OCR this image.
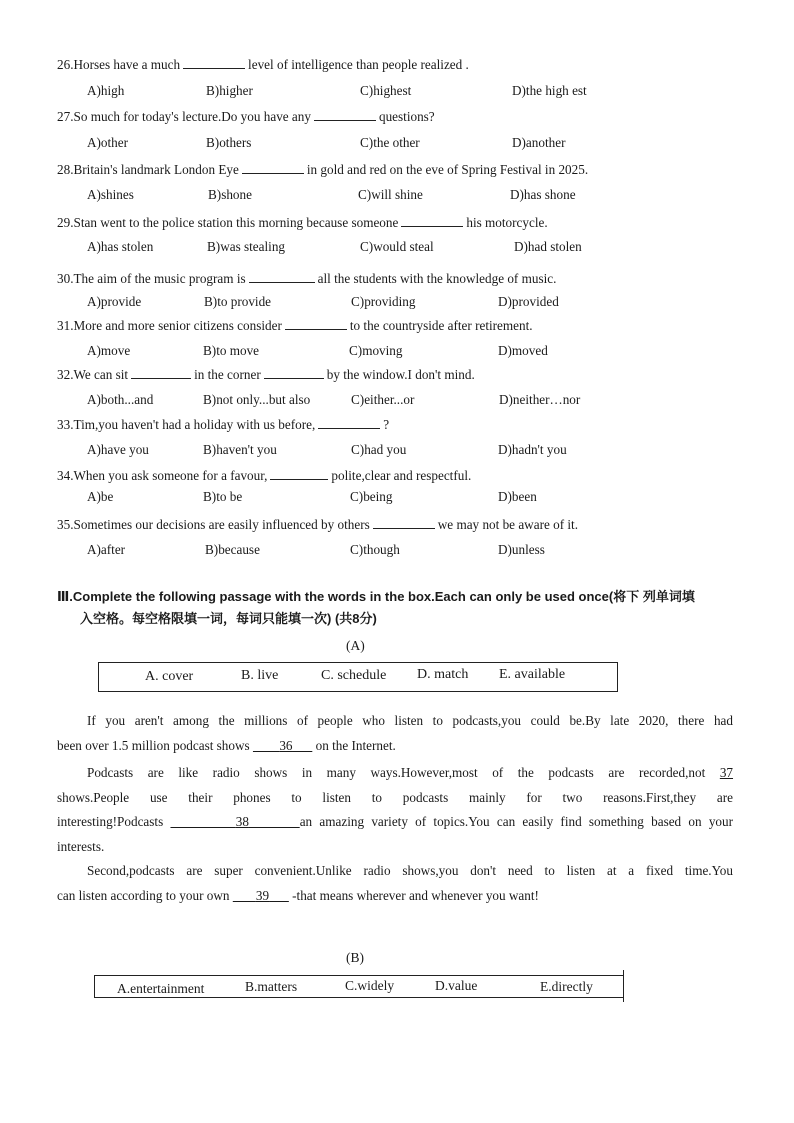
26.Horses have a much	level of intelligence than people realized .
A)high	B)higher	C)highest	D)the high est
27.So much for today's lecture.Do you have any	questions?
A)other	B)others	C)the other	D)another
28.Britain's landmark London Eye	in gold and red on the eve of Spring Festival in 2025.
A)shines	B)shone	C)will shine	D)has shone
29.Stan went to the police station this morning because someone	his motorcycle.
A)has stolen	B)was stealing	C)would steal	D)had stolen
30.The aim of the music program is	all the students with the knowledge of music.
A)provide	B)to provide	C)providing	D)provided
31.More and more senior citizens consider	to the countryside after retirement.
A)move	B)to move	C)moving	D)moved
32.We can sit	in the corner	by the window.I don't mind.
A)both...and	B)not only...but also	C)either...or	D)neither…nor
33.Tim,you haven't had a holiday with us before,	?
A)have you	B)haven't you	C)had you	D)hadn't you
34.When you ask someone for a favour,	polite,clear and respectful.
A)be	B)to be	C)being	D)been
35.Sometimes our decisions are easily influenced by others	we may not be aware of it.
A)after	B)because	C)though	D)unless
Ⅲ.Complete the following passage with the words in the box.Each can only be used once(将下 列单词填
入空格。每空格限填一词，每词只能填一次) (共8分)
(A)
A. cover	B. live	C. schedule D. match E. available
If you aren't among the millions of people who listen to podcasts,you could be.By late 2020, there had
been over 1.5 million podcast shows 36 on the Internet.
Podcasts are like radio shows in many ways.However,most of the podcasts are recorded,not 37
shows.People use their phones to listen to podcasts mainly for two reasons.First,they are
interesting!Podcasts	38	an amazing variety of topics.You can easily find something based on your
interests.
Second,podcasts are super convenient.Unlike radio shows,you don't need to listen at a fixed time.You
can listen according to your own 39 -that means wherever and whenever you want!
(B)
A.entertainment	B.matters	C.widely	D.value	E.directly
